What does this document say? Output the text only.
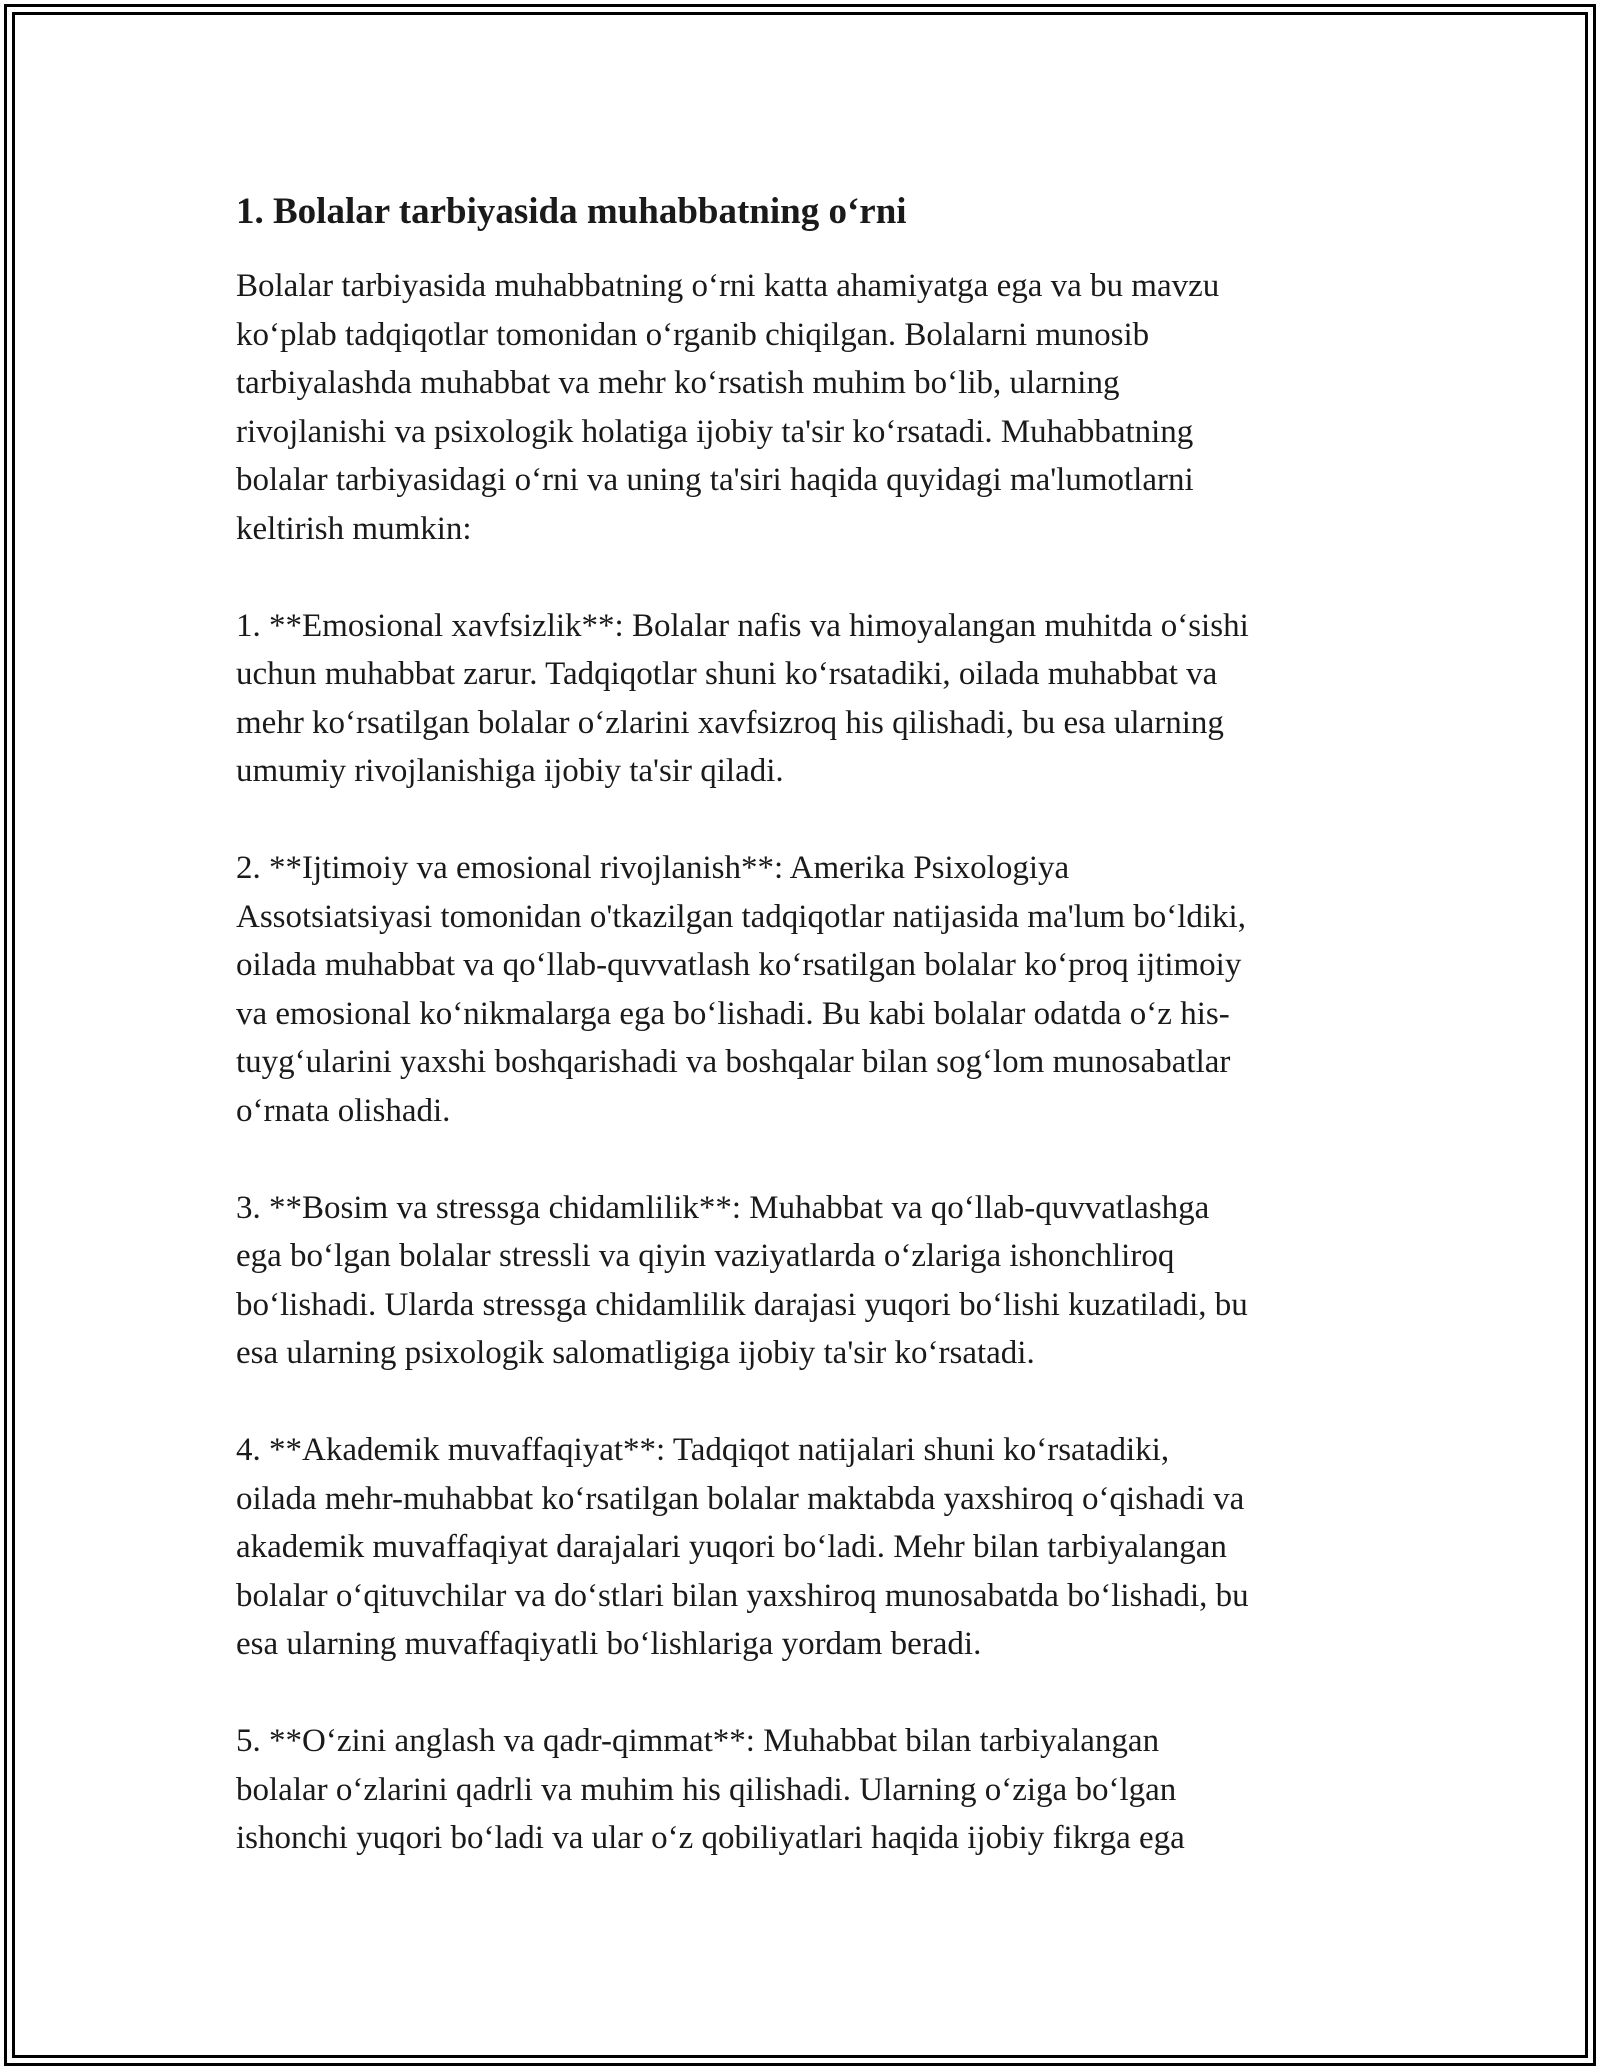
1. Bolalar tarbiyasida muhabbatning o‘rni

Bolalar tarbiyasida muhabbatning o‘rni katta ahamiyatga ega va bu mavzu
ko‘plab tadqiqotlar tomonidan o‘rganib chiqilgan. Bolalarni munosib
tarbiyalashda muhabbat va mehr ko‘rsatish muhim bo‘lib, ularning
rivojlanishi va psixologik holatiga ijobiy ta'sir ko‘rsatadi. Muhabbatning
bolalar tarbiyasidagi o‘rni va uning ta'siri haqida quyidagi ma'lumotlarni
keltirish mumkin:

1. **Emosional xavfsizlik**: Bolalar nafis va himoyalangan muhitda o‘sishi
uchun muhabbat zarur. Tadqiqotlar shuni ko‘rsatadiki, oilada muhabbat va
mehr ko‘rsatilgan bolalar o‘zlarini xavfsizroq his qilishadi, bu esa ularning
umumiy rivojlanishiga ijobiy ta'sir qiladi.

2. **Ijtimoiy va emosional rivojlanish**: Amerika Psixologiya
Assotsiatsiyasi tomonidan o'tkazilgan tadqiqotlar natijasida ma'lum bo‘ldiki,
oilada muhabbat va qo‘llab-quvvatlash ko‘rsatilgan bolalar ko‘proq ijtimoiy
va emosional ko‘nikmalarga ega bo‘lishadi. Bu kabi bolalar odatda o‘z his-
tuyg‘ularini yaxshi boshqarishadi va boshqalar bilan sog‘lom munosabatlar
o‘rnata olishadi.

3. **Bosim va stressga chidamlilik**: Muhabbat va qo‘llab-quvvatlashga
ega bo‘lgan bolalar stressli va qiyin vaziyatlarda o‘zlariga ishonchliroq
bo‘lishadi. Ularda stressga chidamlilik darajasi yuqori bo‘lishi kuzatiladi, bu
esa ularning psixologik salomatligiga ijobiy ta'sir ko‘rsatadi.

4. **Akademik muvaffaqiyat**: Tadqiqot natijalari shuni ko‘rsatadiki,
oilada mehr-muhabbat ko‘rsatilgan bolalar maktabda yaxshiroq o‘qishadi va
akademik muvaffaqiyat darajalari yuqori bo‘ladi. Mehr bilan tarbiyalangan
bolalar o‘qituvchilar va do‘stlari bilan yaxshiroq munosabatda bo‘lishadi, bu
esa ularning muvaffaqiyatli bo‘lishlariga yordam beradi.

5. **O‘zini anglash va qadr-qimmat**: Muhabbat bilan tarbiyalangan
bolalar o‘zlarini qadrli va muhim his qilishadi. Ularning o‘ziga bo‘lgan
ishonchi yuqori bo‘ladi va ular o‘z qobiliyatlari haqida ijobiy fikrga ega
